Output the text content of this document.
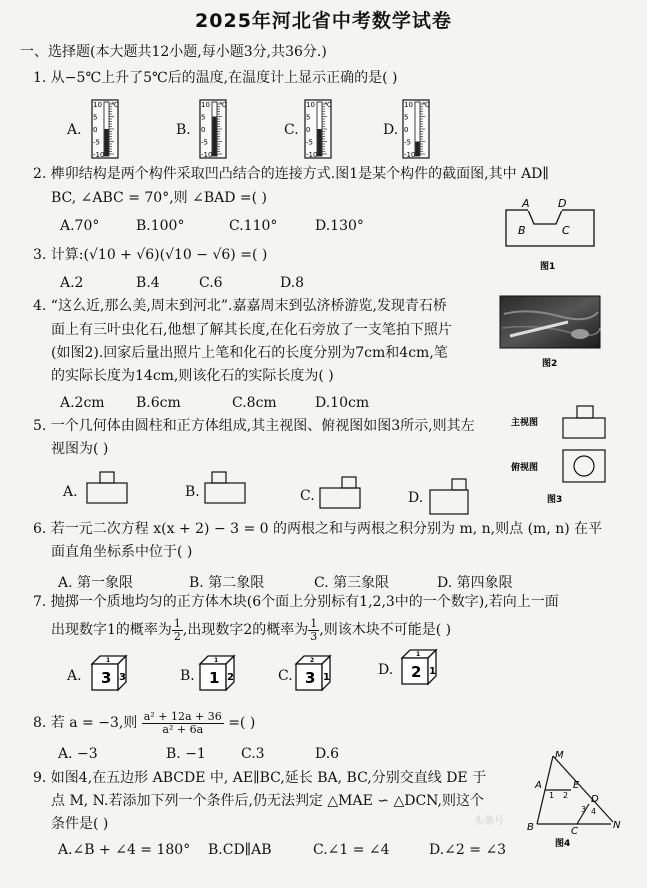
2025年河北省中考数学试卷
一、选择题(本大题共12小题,每小题3分,共36分.)
1. 从−5℃上升了5℃后的温度,在温度计上显示正确的是( )
A.	B.	C.	D.
10
5
0
-5
-10
℃	10
5
0
-5
-10
℃	10
5
0
-5
-10
℃	10
5
0
-5
-10
℃
2. 榫卯结构是两个构件采取凹凸结合的连接方式.图1是某个构件的截面图,其中 AD∥
BC, ∠ABC = 70°,则 ∠BAD =( )
A.70°	B.100°	C.110°	D.130°
A	D
B	C
图1
3. 计算:(√10 + √6)(√10 − √6) =( )
A.2	B.4	C.6	D.8
4. “这么近,那么美,周末到河北”.嘉嘉周末到弘济桥游览,发现青石桥
面上有三叶虫化石,他想了解其长度,在化石旁放了一支笔拍下照片
(如图2).回家后量出照片上笔和化石的长度分别为7cm和4cm,笔
的实际长度为14cm,则该化石的实际长度为( )
A.2cm B.6cm	C.8cm	D.10cm
图2
5. 一个几何体由圆柱和正方体组成,其主视图、俯视图如图3所示,则其左
视图为( )
A.	B.	C.	D.
主视图
俯视图
图3
6. 若一元二次方程 x(x + 2) − 3 = 0 的两根之和与两根之积分别为 m, n,则点 (m, n) 在平
面直角坐标系中位于( )
A. 第一象限	B. 第二象限	C. 第三象限	D. 第四象限
7. 抛掷一个质地均匀的正方体木块(6个面上分别标有1,2,3中的一个数字),若向上一面
出现数字1的概率为 $\frac{1}{2}$ ,出现数字2的概率为 $\frac{1}{3}$ ,则该木块不可能是( )
A.	B.	C.	D.
3 3
1
1 2
1
3 1
2
2 1
1
8. 若 a = −3,则 $\frac{\text{a² + 12a + 36}}{\text{a² + 6a}}$ =( )
A. −3	B. −1	C.3	D.6
9. 如图4,在五边形 ABCDE 中, AE∥BC,延长 BA, BC,分别交直线 DE 于
点 M, N.若添加下列一个条件后,仍无法判定 △MAE ∽ △DCN,则这个
条件是( )
A.∠B + ∠4 = 180° B.CD∥AB	C.∠1 = ∠4	D.∠2 = ∠3
M
A	E
D
B	C
N
1 2
3 4
图4
头条号
